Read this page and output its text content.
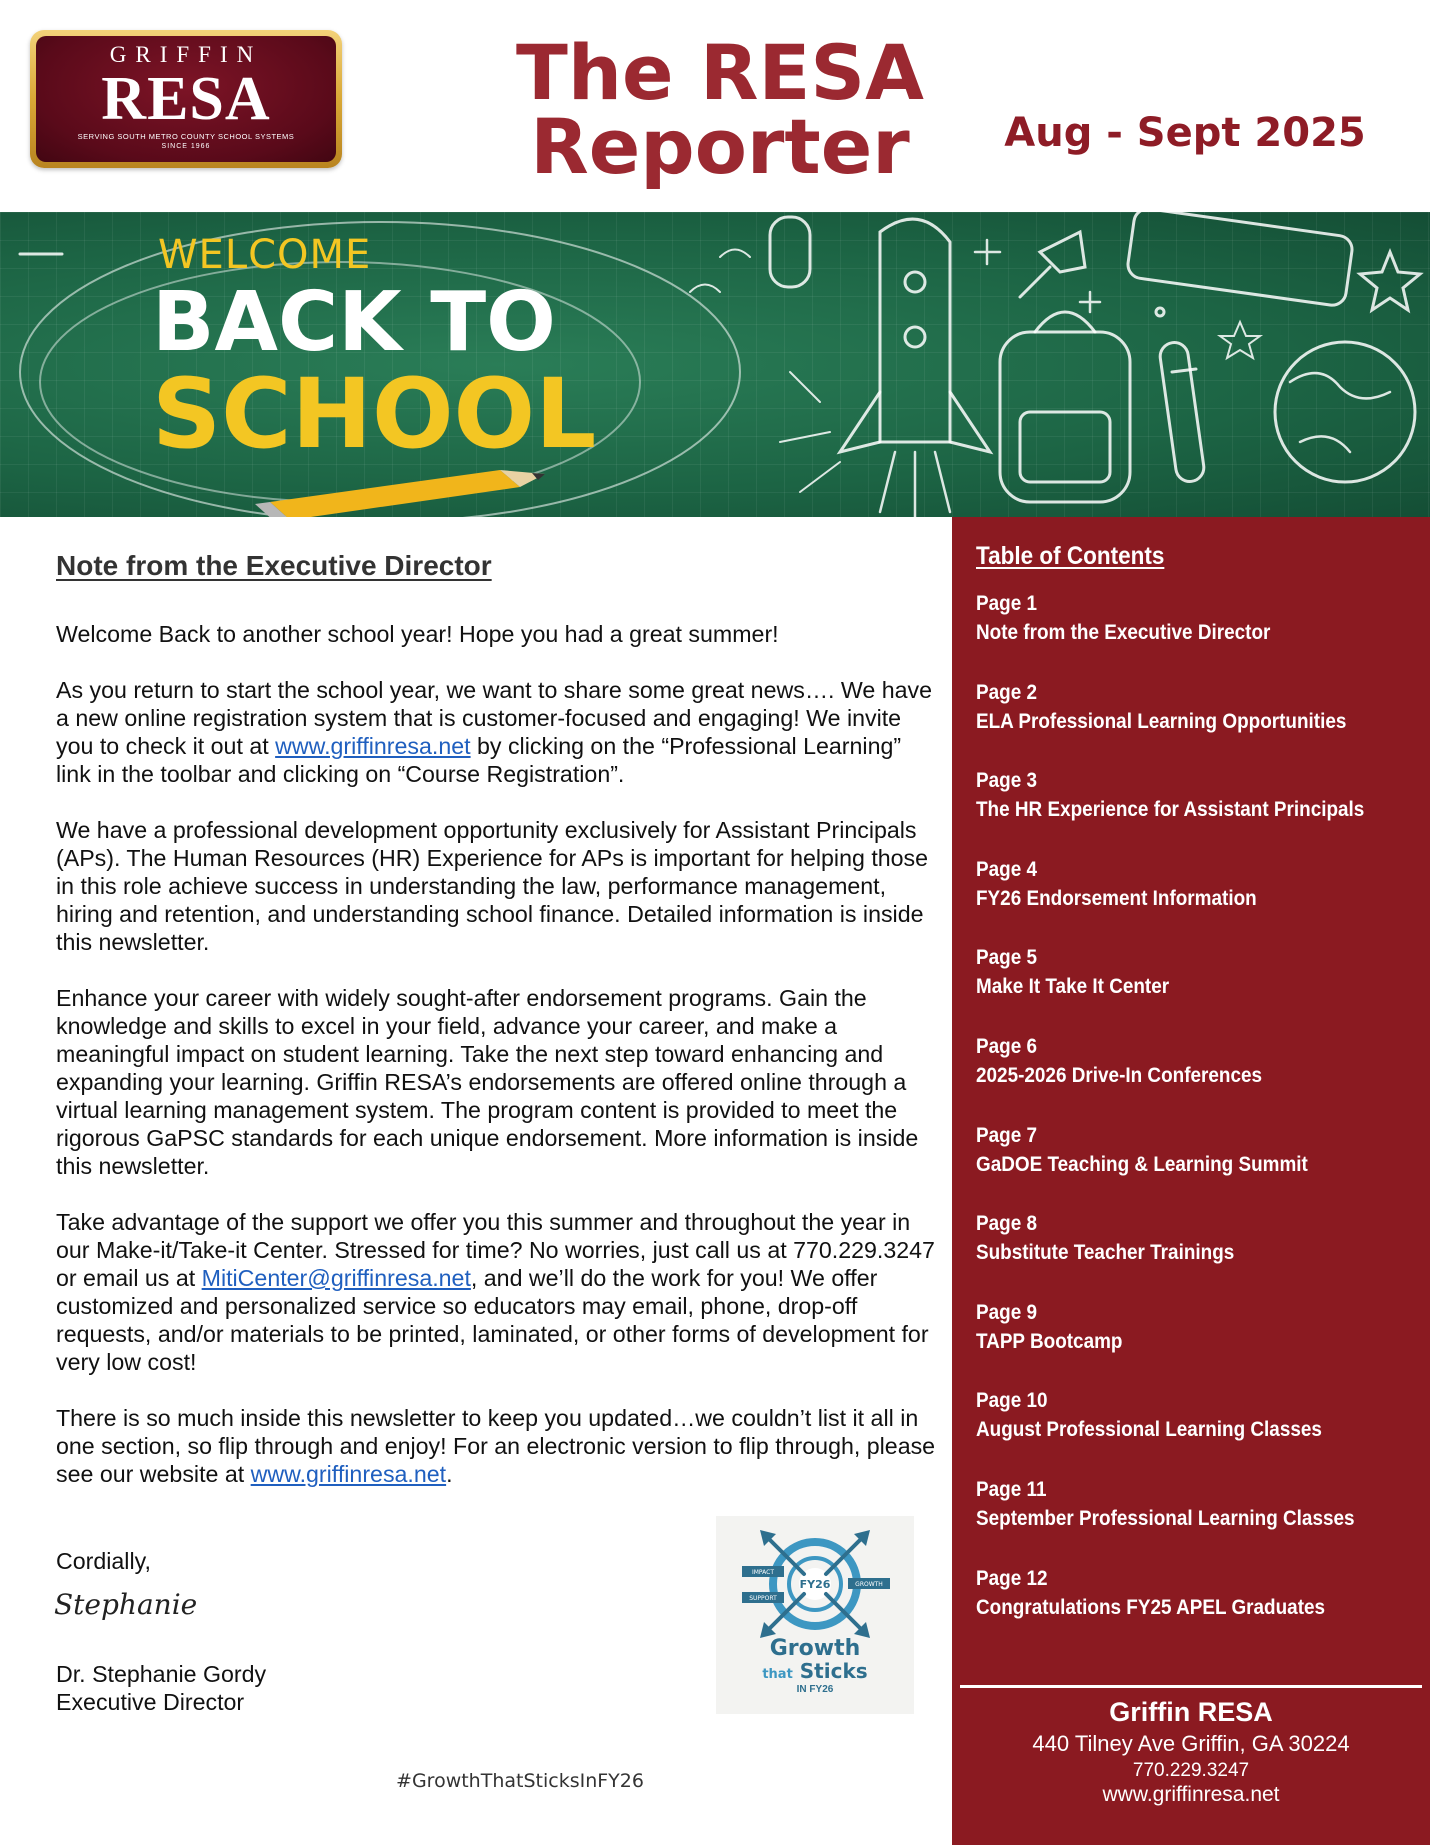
GRIFFIN
RESA
SERVING SOUTH METRO COUNTY SCHOOL SYSTEMS
SINCE 1966
The RESA
Reporter	Aug - Sept 2025
WELCOME
BACK TO
SCHOOL
Note from the Executive Director

Welcome Back to another school year! Hope you had a great summer!

As you return to start the school year, we want to share some great news…. We have a new online registration system that is customer-focused and engaging! We invite you to check it out at www.griffinresa.net by clicking on the “Professional Learning” link in the toolbar and clicking on “Course Registration”.

We have a professional development opportunity exclusively for Assistant Principals (APs). The Human Resources (HR) Experience for APs is important for helping those in this role achieve success in understanding the law, performance management, hiring and retention, and understanding school finance. Detailed information is inside this newsletter.

Enhance your career with widely sought-after endorsement programs. Gain the knowledge and skills to excel in your field, advance your career, and make a meaningful impact on student learning. Take the next step toward enhancing and expanding your learning. Griffin RESA’s endorsements are offered online through a virtual learning management system. The program content is provided to meet the rigorous GaPSC standards for each unique endorsement. More information is inside this newsletter.

Take advantage of the support we offer you this summer and throughout the year in our Make-it/Take-it Center. Stressed for time? No worries, just call us at 770.229.3247 or email us at MitiCenter@griffinresa.net, and we’ll do the work for you! We offer customized and personalized service so educators may email, phone, drop-off requests, and/or materials to be printed, laminated, or other forms of development for very low cost!

There is so much inside this newsletter to keep you updated…we couldn’t list it all in one section, so flip through and enjoy! For an electronic version to flip through, please see our website at www.griffinresa.net.

Cordially,
Stephanie
Dr. Stephanie Gordy
Executive Director
FY26
IMPACT
SUPPORT
GROWTH
Growth
that Sticks
IN FY26
#GrowthThatSticksInFY26
Table of Contents
Page 1
Note from the Executive Director
Page 2
ELA Professional Learning Opportunities
Page 3
The HR Experience for Assistant Principals
Page 4
FY26 Endorsement Information
Page 5
Make It Take It Center
Page 6
2025-2026 Drive-In Conferences
Page 7
GaDOE Teaching & Learning Summit
Page 8
Substitute Teacher Trainings
Page 9
TAPP Bootcamp
Page 10
August Professional Learning Classes
Page 11
September Professional Learning Classes
Page 12
Congratulations FY25 APEL Graduates
Griffin RESA
440 Tilney Ave Griffin, GA 30224
770.229.3247
www.griffinresa.net
